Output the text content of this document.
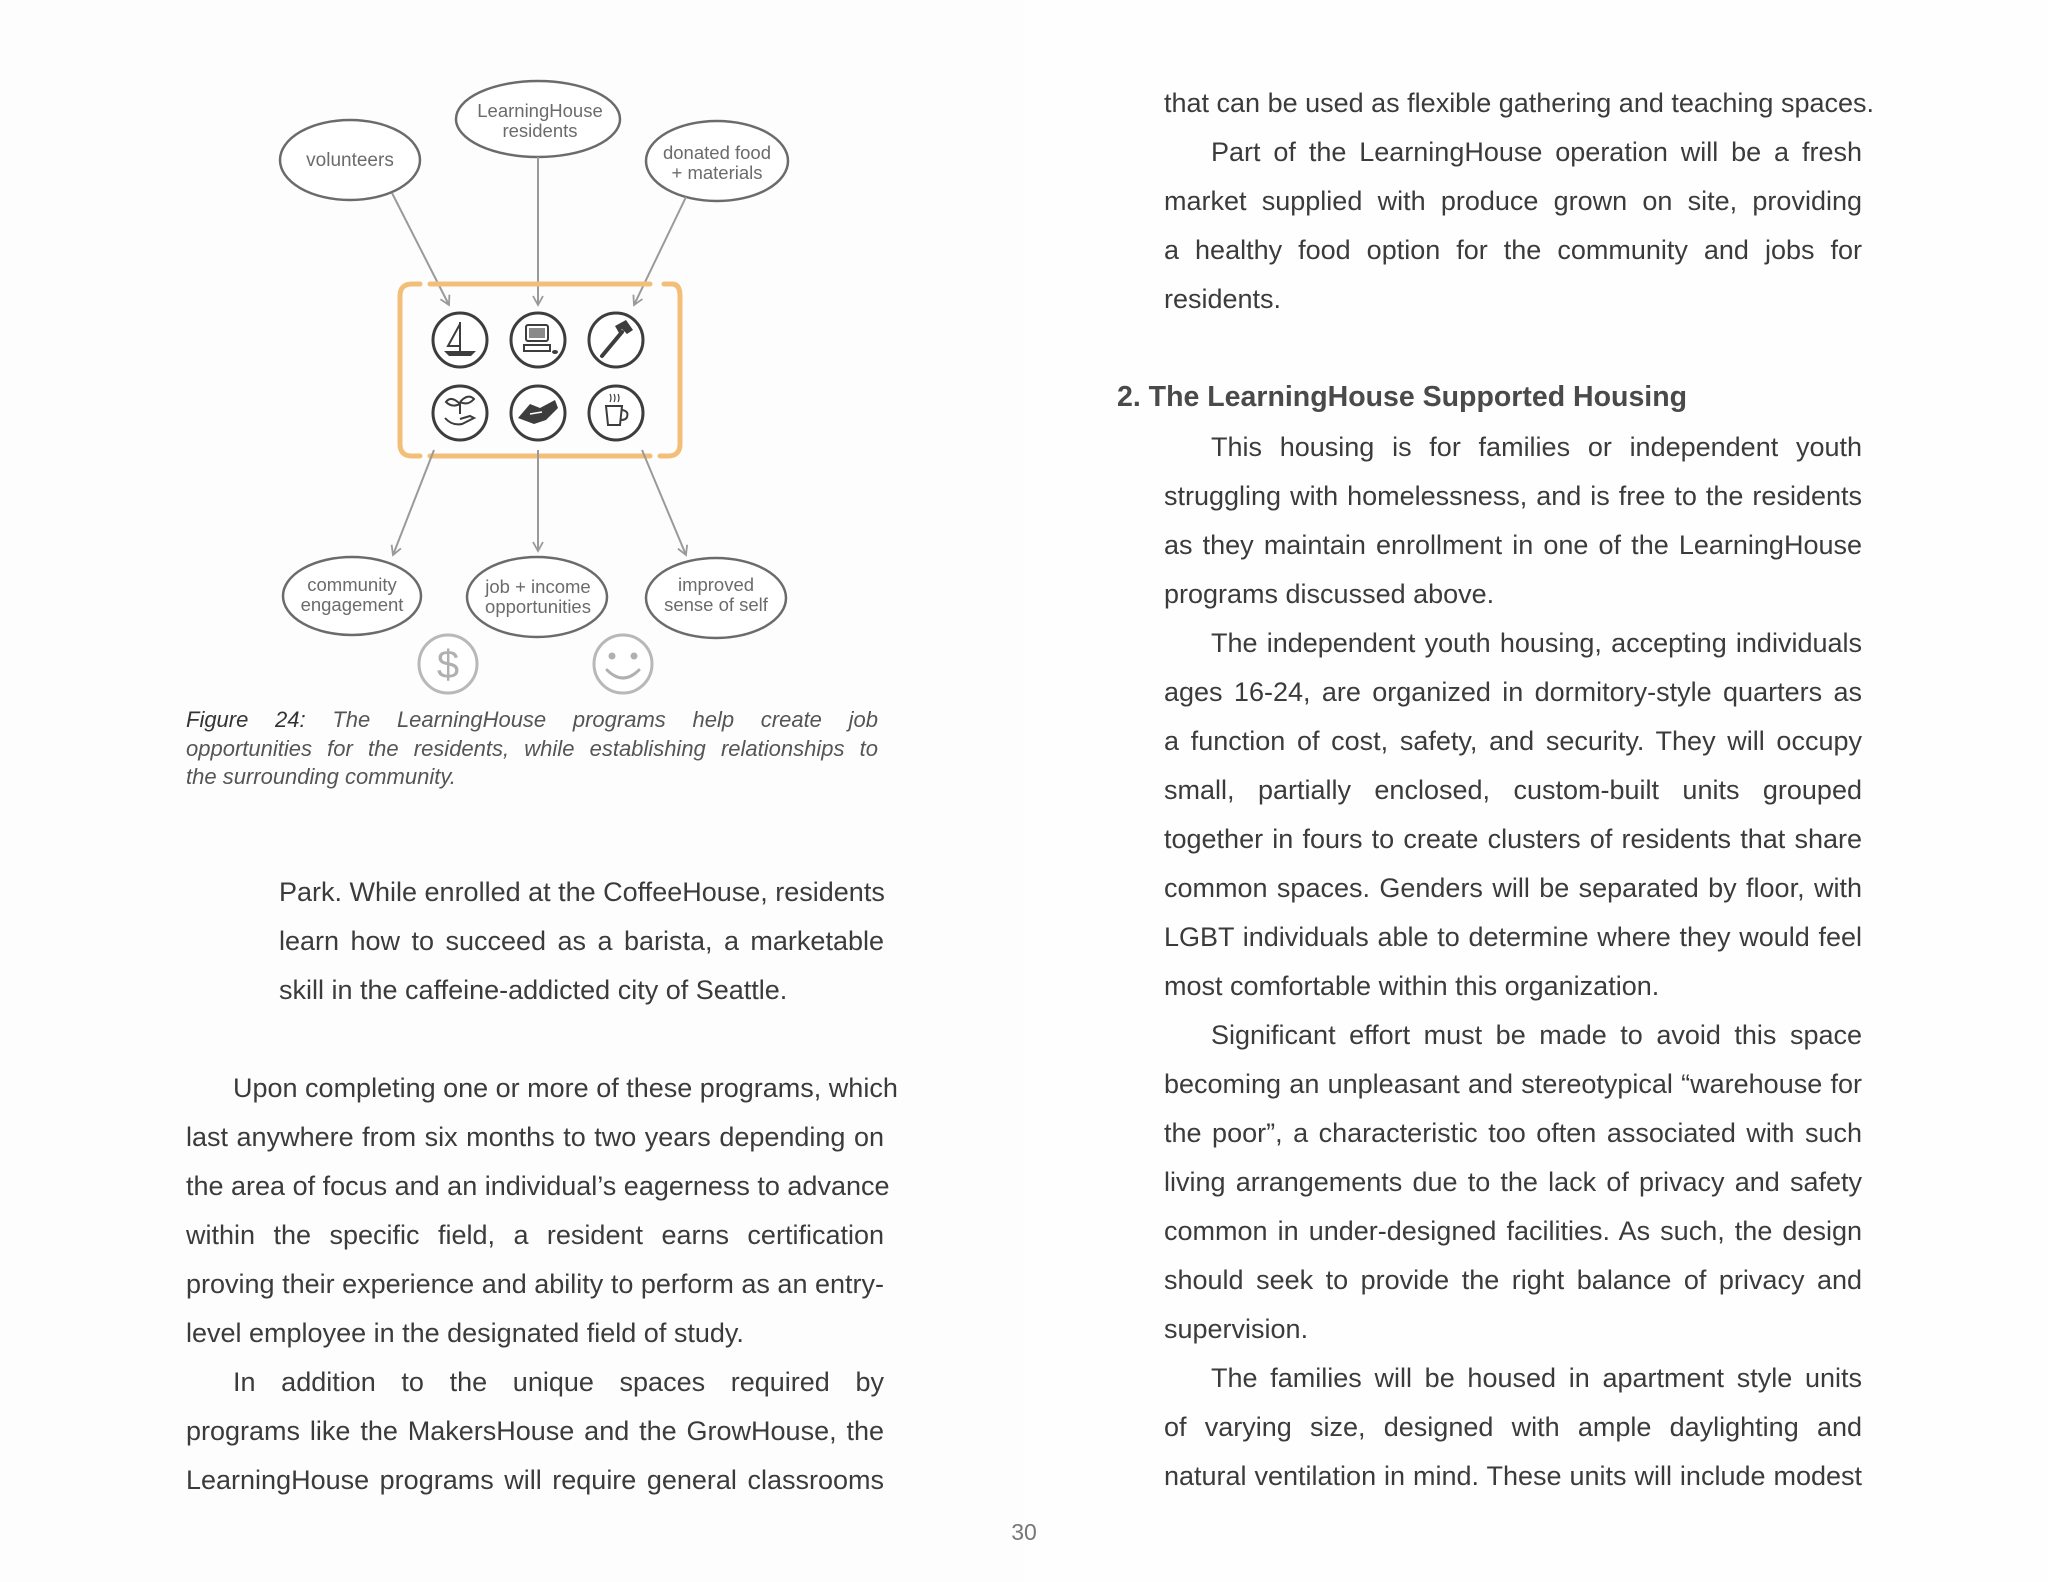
volunteers
LearningHouse
residents
donated food
+ materials
community
engagement
job + income
opportunities
improved
sense of self
$
Figure 24: The LearningHouse programs help create job
opportunities for the residents, while establishing relationships to
the surrounding community.
Park. While enrolled at the CoffeeHouse, residents
learn how to succeed as a barista, a marketable
skill in the caffeine-addicted city of Seattle.
Upon completing one or more of these programs, which
last anywhere from six months to two years depending on
the area of focus and an individual’s eagerness to advance
within the specific field, a resident earns certification
proving their experience and ability to perform as an entry-
level employee in the designated field of study.
In addition to the unique spaces required by
programs like the MakersHouse and the GrowHouse, the
LearningHouse programs will require general classrooms
that can be used as flexible gathering and teaching spaces.
Part of the LearningHouse operation will be a fresh
market supplied with produce grown on site, providing
a healthy food option for the community and jobs for
residents.
2. The LearningHouse Supported Housing
This housing is for families or independent youth
struggling with homelessness, and is free to the residents
as they maintain enrollment in one of the LearningHouse
programs discussed above.
The independent youth housing, accepting individuals
ages 16-24, are organized in dormitory-style quarters as
a function of cost, safety, and security. They will occupy
small, partially enclosed, custom-built units grouped
together in fours to create clusters of residents that share
common spaces. Genders will be separated by floor, with
LGBT individuals able to determine where they would feel
most comfortable within this organization.
Significant effort must be made to avoid this space
becoming an unpleasant and stereotypical “warehouse for
the poor”, a characteristic too often associated with such
living arrangements due to the lack of privacy and safety
common in under-designed facilities. As such, the design
should seek to provide the right balance of privacy and
supervision.
The families will be housed in apartment style units
of varying size, designed with ample daylighting and
natural ventilation in mind. These units will include modest
30
